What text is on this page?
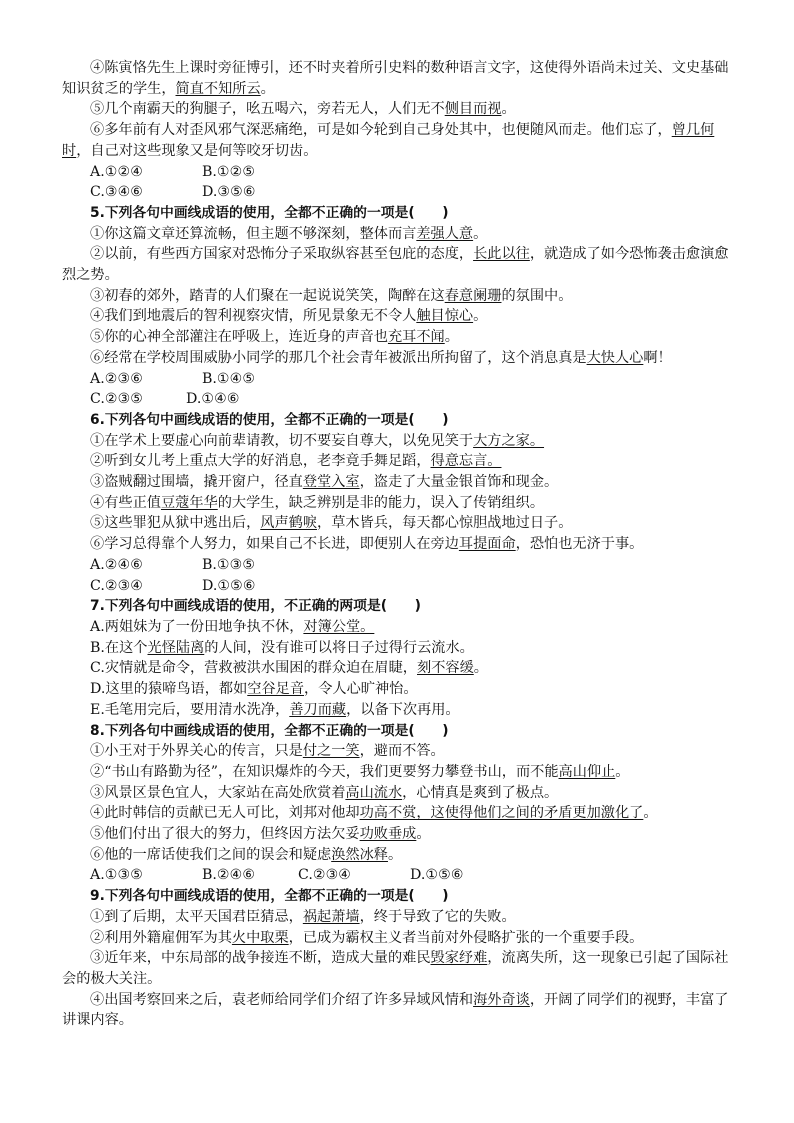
④陈寅恪先生上课时旁征博引，还不时夹着所引史料的数种语言文字，这使得外语尚未过关、文史基础知识贫乏的学生，简直不知所云。

⑤几个南霸天的狗腿子，吆五喝六，旁若无人，人们无不侧目而视。

⑥多年前有人对歪风邪气深恶痛绝，可是如今轮到自己身处其中，也便随风而走。他们忘了，曾几何时，自己对这些现象又是何等咬牙切齿。

A.①②④	B.①②⑤

C.③④⑥	D.③⑤⑥

5.下列各句中画线成语的使用，全都不正确的一项是(　　)

①你这篇文章还算流畅，但主题不够深刻，整体而言差强人意。

②以前，有些西方国家对恐怖分子采取纵容甚至包庇的态度，长此以往，就造成了如今恐怖袭击愈演愈烈之势。

③初春的郊外，踏青的人们聚在一起说说笑笑，陶醉在这春意阑珊的氛围中。

④我们到地震后的智利视察灾情，所见景象无不令人触目惊心。

⑤你的心神全部灌注在呼吸上，连近身的声音也充耳不闻。

⑥经常在学校周围威胁小同学的那几个社会青年被派出所拘留了，这个消息真是大快人心啊！

A.②③⑥	B.①④⑤

C.②③⑤	D.①④⑥

6.下列各句中画线成语的使用，全都不正确的一项是(　　)

①在学术上要虚心向前辈请教，切不要妄自尊大，以免见笑于大方之家。

②听到女儿考上重点大学的好消息，老李竟手舞足蹈，得意忘言。

③盗贼翻过围墙，撬开窗户，径直登堂入室，盗走了大量金银首饰和现金。

④有些正值豆蔻年华的大学生，缺乏辨别是非的能力，误入了传销组织。

⑤这些罪犯从狱中逃出后，风声鹤唳，草木皆兵，每天都心惊胆战地过日子。

⑥学习总得靠个人努力，如果自己不长进，即便别人在旁边耳提面命，恐怕也无济于事。

A.②④⑥	B.①③⑤

C.②③④	D.①⑤⑥

7.下列各句中画线成语的使用，不正确的两项是(　　)

A.两姐妹为了一份田地争执不休，对簿公堂。

B.在这个光怪陆离的人间，没有谁可以将日子过得行云流水。

C.灾情就是命令，营救被洪水围困的群众迫在眉睫，刻不容缓。

D.这里的猿啼鸟语，都如空谷足音，令人心旷神怡。

E.毛笔用完后，要用清水洗净，善刀而藏，以备下次再用。

8.下列各句中画线成语的使用，全都不正确的一项是(　　)

①小王对于外界关心的传言，只是付之一笑，避而不答。

②“书山有路勤为径”，在知识爆炸的今天，我们更要努力攀登书山，而不能高山仰止。

③风景区景色宜人，大家站在高处欣赏着高山流水，心情真是爽到了极点。

④此时韩信的贡献已无人可比，刘邦对他却功高不赏，这使得他们之间的矛盾更加激化了。

⑤他们付出了很大的努力，但终因方法欠妥功败垂成。

⑥他的一席话使我们之间的误会和疑虑涣然冰释。

A.①③⑤	B.②④⑥	C.②③④	D.①⑤⑥

9.下列各句中画线成语的使用，全都不正确的一项是(　　)

①到了后期，太平天国君臣猜忌，祸起萧墙，终于导致了它的失败。

②利用外籍雇佣军为其火中取栗，已成为霸权主义者当前对外侵略扩张的一个重要手段。

③近年来，中东局部的战争接连不断，造成大量的难民毁家纾难，流离失所，这一现象已引起了国际社会的极大关注。

④出国考察回来之后，袁老师给同学们介绍了许多异域风情和海外奇谈，开阔了同学们的视野，丰富了讲课内容。
